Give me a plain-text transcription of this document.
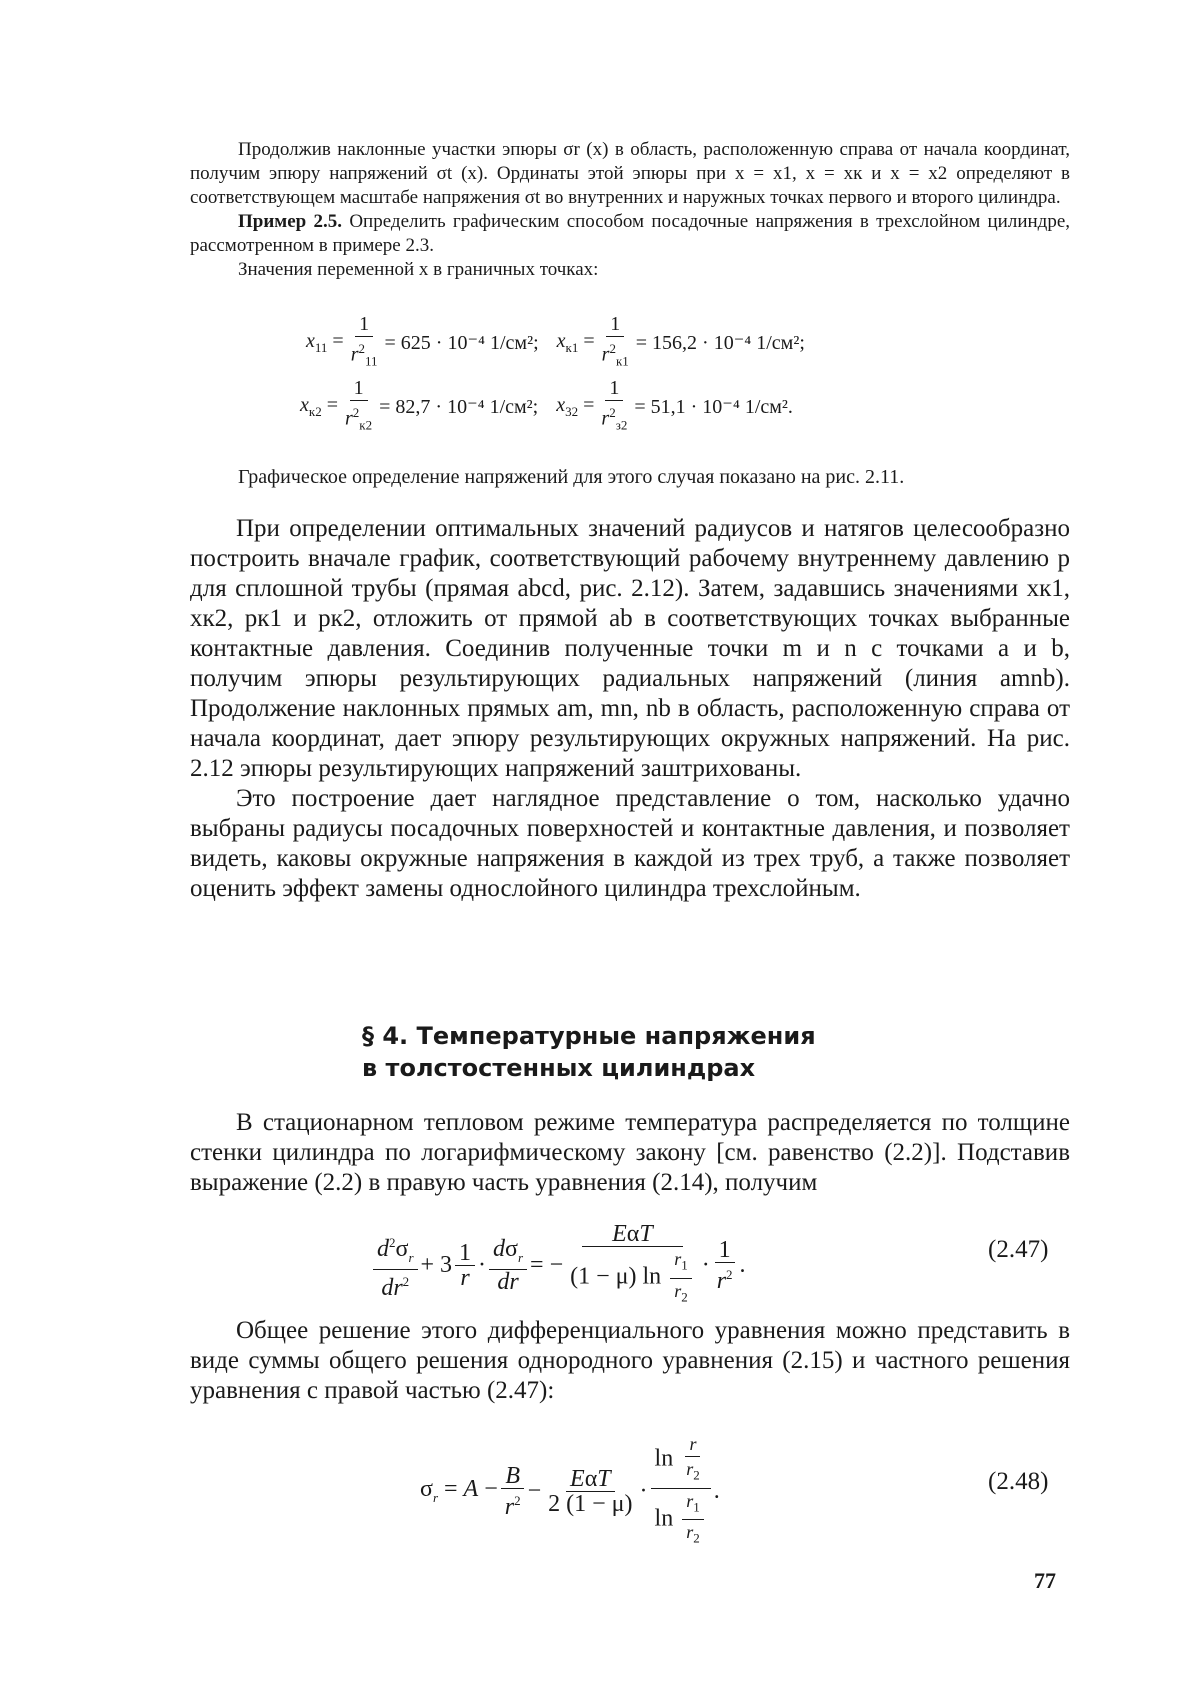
Продолжив наклонные участки эпюры σr (x) в область, расположенную справа от начала координат, получим эпюру напряжений σt (x). Ординаты этой эпюры при x = x1, x = xк и x = x2 определяют в соответствующем масштабе напряжения σt во внутренних и наружных точках первого и второго цилиндра.

Пример 2.5. Определить графическим способом посадочные напряжения в трехслойном цилиндре, рассмотренном в примере 2.3.

Значения переменной x в граничных точках:

$x_{11} = \frac{1}{r^2_{11}} = 625 \cdot 10^{-4}$ 1/см²; $x_{к1} = \frac{1}{r^2_{к1}} = 156,2 \cdot 10^{-4}$ 1/см²;
$x_{к2} = \frac{1}{r^2_{к2}} = 82,7 \cdot 10^{-4}$ 1/см²; $x_{32} = \frac{1}{r^2_{з2}} = 51,1 \cdot 10^{-4}$ 1/см².
Графическое определение напряжений для этого случая показано на рис. 2.11.

При определении оптимальных значений радиусов и натягов целесообразно построить вначале график, соответствующий рабочему внутреннему давлению p для сплошной трубы (прямая abcd, рис. 2.12). Затем, задавшись значениями xк1, xк2, pк1 и pк2, отложить от прямой ab в соответствующих точках выбранные контактные давления. Соединив полученные точки m и n с точками a и b, получим эпюры результирующих радиальных напряжений (линия amnb). Продолжение наклонных прямых am, mn, nb в область, расположенную справа от начала координат, дает эпюру результирующих окружных напряжений. На рис. 2.12 эпюры результирующих напряжений заштрихованы.

Это построение дает наглядное представление о том, насколько удачно выбраны радиусы посадочных поверхностей и контактные давления, и позволяет видеть, каковы окружные напряжения в каждой из трех труб, а также позволяет оценить эффект замены однослойного цилиндра трехслойным.

§ 4. Температурные напряжения
в толстостенных цилиндрах

В стационарном тепловом режиме температура распределяется по толщине стенки цилиндра по логарифмическому закону [см. равенство (2.2)]. Подставив выражение (2.2) в правую часть уравнения (2.14), получим

$\frac{d^2\sigma_r}{dr^2} + 3 \frac{1}{r} \cdot \frac{d\sigma_r}{dr}$ = − $\frac{\text{EαT}}{(1 - \mu) \ln \frac{r_1}{r_2}} \cdot \frac{1}{r^2}$ .
(2.47)

Общее решение этого дифференциального уравнения можно представить в виде суммы общего решения однородного уравнения (2.15) и частного решения уравнения с правой частью (2.47):

$\sigma_r = A - \frac{B}{r^2} - \frac{\text{EαT}}{2 (1 - \mu)} \cdot \frac{\ln \frac{r}{r_2}}{\ln \frac{r_1}{r_2}}$ .	(2.48)
77
